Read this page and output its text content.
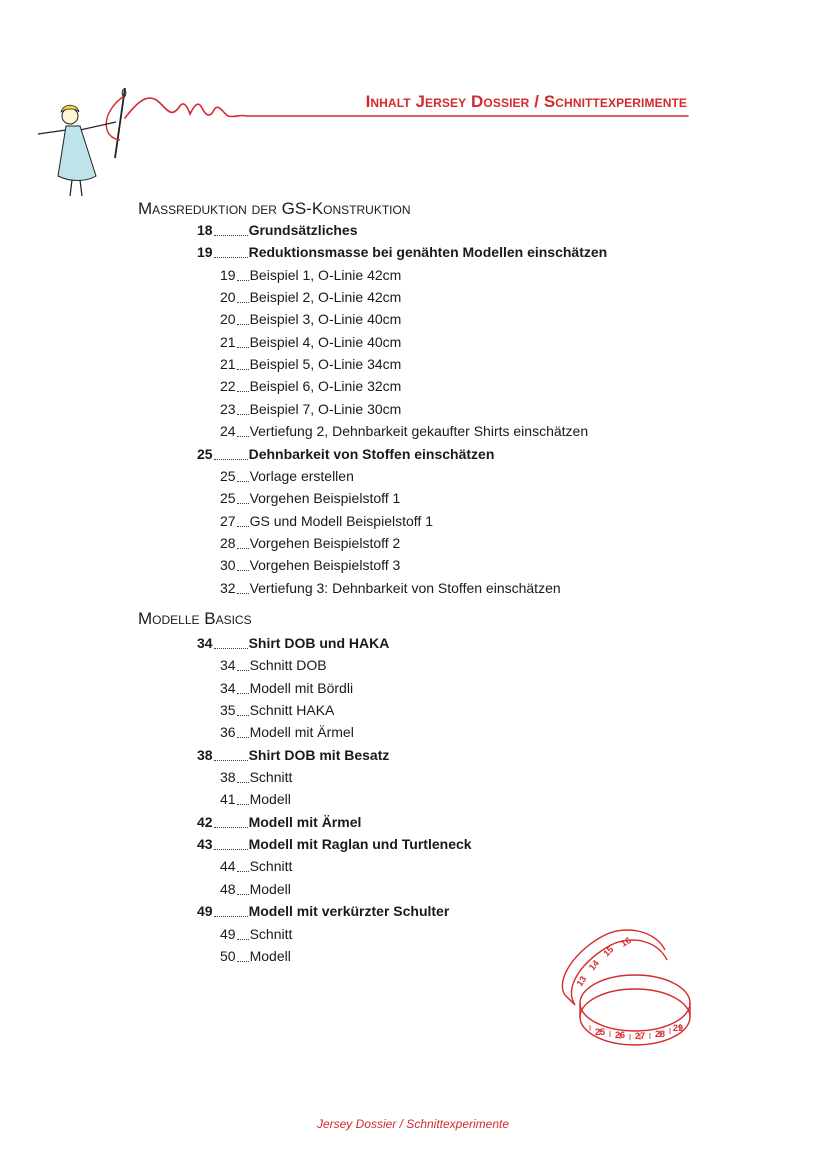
Inhalt Jersey Dossier / Schnittexperimente
Massreduktion der GS-Konstruktion
Modelle Basics
18	Grundsätzliches
19	Reduktionsmasse bei genähten Modellen einschätzen
19 Beispiel 1, O-Linie 42cm
20 Beispiel 2, O-Linie 42cm
20 Beispiel 3, O-Linie 40cm
21 Beispiel 4, O-Linie 40cm
21 Beispiel 5, O-Linie 34cm
22 Beispiel 6, O-Linie 32cm
23 Beispiel 7, O-Linie 30cm
24 Vertiefung 2, Dehnbarkeit gekaufter Shirts einschätzen
25	Dehnbarkeit von Stoffen einschätzen
25 Vorlage erstellen
25 Vorgehen Beispielstoff 1
27 GS und Modell Beispielstoff 1
28 Vorgehen Beispielstoff 2
30 Vorgehen Beispielstoff 3
32 Vertiefung 3: Dehnbarkeit von Stoffen einschätzen
34	Shirt DOB und HAKA
34 Schnitt DOB
34 Modell mit Bördli
35 Schnitt HAKA
36 Modell mit Ärmel
38	Shirt DOB mit Besatz
38 Schnitt
41 Modell
42	Modell mit Ärmel
43	Modell mit Raglan und Turtleneck
44 Schnitt
48 Modell
49	Modell mit verkürzter Schulter
49 Schnitt
50 Modell
13
14
15
16
25 26 27 28
29
Jersey Dossier / Schnittexperimente
